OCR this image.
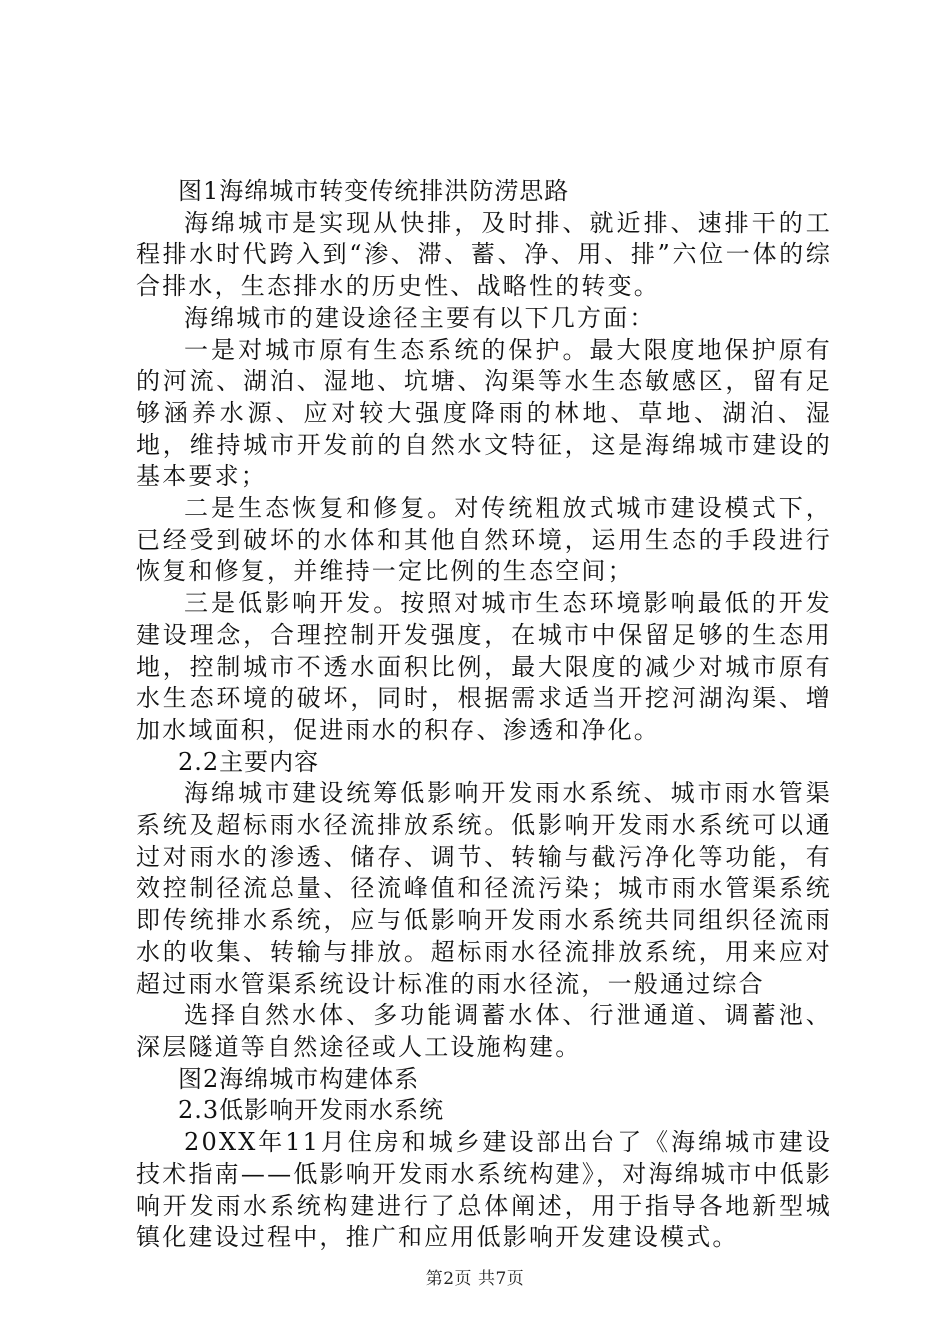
图1海绵城市转变传统排洪防涝思路

海绵城市是实现从快排，及时排、就近排、速排干的工程排水时代跨入到“渗、滞、蓄、净、用、排”六位一体的综合排水，生态排水的历史性、战略性的转变。

海绵城市的建设途径主要有以下几方面：

一是对城市原有生态系统的保护。最大限度地保护原有的河流、湖泊、湿地、坑塘、沟渠等水生态敏感区，留有足够涵养水源、应对较大强度降雨的林地、草地、湖泊、湿地，维持城市开发前的自然水文特征，这是海绵城市建设的基本要求；

二是生态恢复和修复。对传统粗放式城市建设模式下，已经受到破坏的水体和其他自然环境，运用生态的手段进行恢复和修复，并维持一定比例的生态空间；

三是低影响开发。按照对城市生态环境影响最低的开发建设理念，合理控制开发强度，在城市中保留足够的生态用地，控制城市不透水面积比例，最大限度的减少对城市原有水生态环境的破坏，同时，根据需求适当开挖河湖沟渠、增加水域面积，促进雨水的积存、渗透和净化。

2.2主要内容

海绵城市建设统筹低影响开发雨水系统、城市雨水管渠系统及超标雨水径流排放系统。低影响开发雨水系统可以通过对雨水的渗透、储存、调节、转输与截污净化等功能，有效控制径流总量、径流峰值和径流污染；城市雨水管渠系统即传统排水系统，应与低影响开发雨水系统共同组织径流雨水的收集、转输与排放。超标雨水径流排放系统，用来应对超过雨水管渠系统设计标准的雨水径流，一般通过综合

选择自然水体、多功能调蓄水体、行泄通道、调蓄池、深层隧道等自然途径或人工设施构建。

图2海绵城市构建体系

2.3低影响开发雨水系统

20XX年11月住房和城乡建设部出台了《海绵城市建设技术指南——低影响开发雨水系统构建》，对海绵城市中低影响开发雨水系统构建进行了总体阐述，用于指导各地新型城镇化建设过程中，推广和应用低影响开发建设模式。

第2页 共7页
